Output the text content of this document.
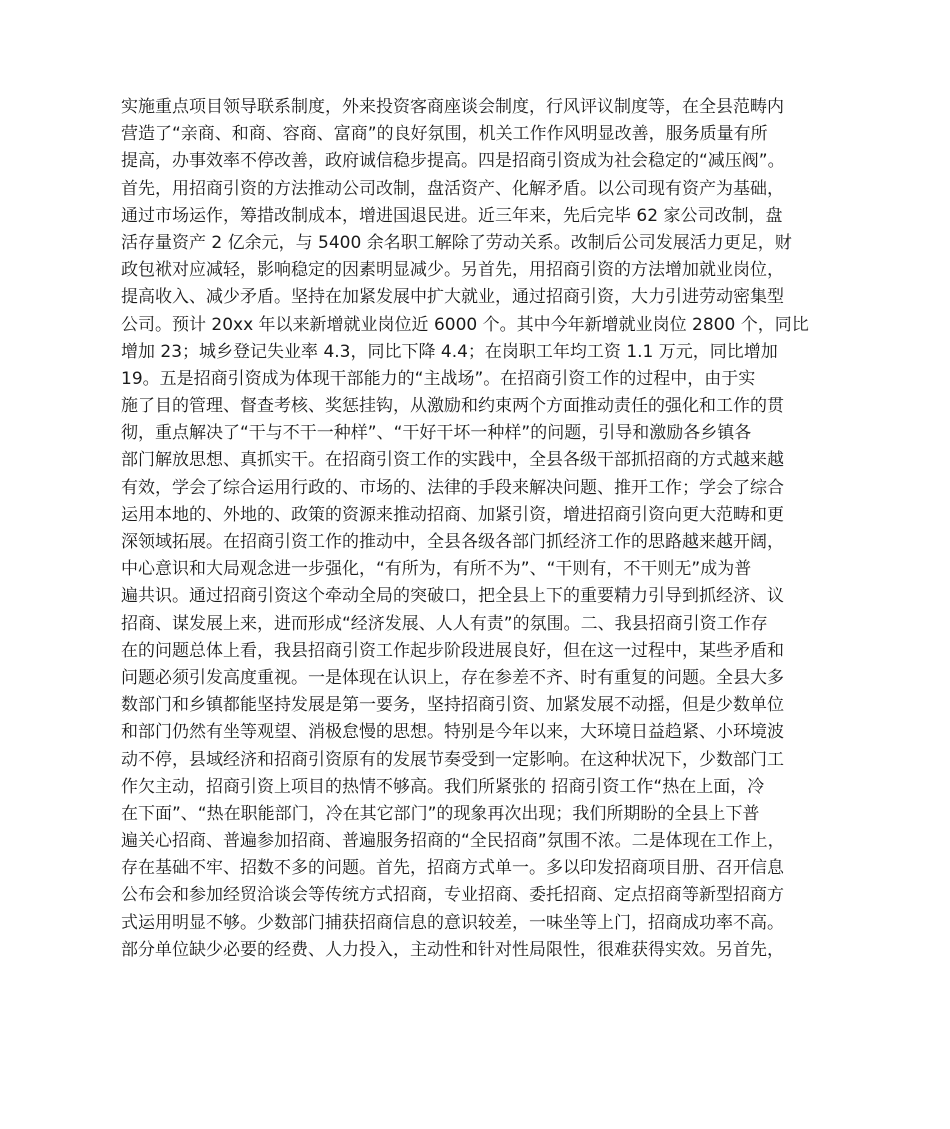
实施重点项目领导联系制度，外来投资客商座谈会制度，行风评议制度等，在全县范畴内
营造了“亲商、和商、容商、富商”的良好氛围，机关工作作风明显改善，服务质量有所
提高，办事效率不停改善，政府诚信稳步提高。四是招商引资成为社会稳定的“减压阀”。
首先，用招商引资的方法推动公司改制，盘活资产、化解矛盾。以公司现有资产为基础，
通过市场运作，筹措改制成本，增进国退民进。近三年来，先后完毕 62 家公司改制，盘
活存量资产 2 亿余元，与 5400 余名职工解除了劳动关系。改制后公司发展活力更足，财
政包袱对应减轻，影响稳定的因素明显减少。另首先，用招商引资的方法增加就业岗位，
提高收入、减少矛盾。坚持在加紧发展中扩大就业，通过招商引资，大力引进劳动密集型
公司。预计 20xx 年以来新增就业岗位近 6000 个。其中今年新增就业岗位 2800 个，同比
增加 23；城乡登记失业率 4.3，同比下降 4.4；在岗职工年均工资 1.1 万元，同比增加
19。五是招商引资成为体现干部能力的“主战场”。在招商引资工作的过程中，由于实
施了目的管理、督查考核、奖惩挂钩，从激励和约束两个方面推动责任的强化和工作的贯
彻，重点解决了“干与不干一种样”、“干好干坏一种样”的问题，引导和激励各乡镇各
部门解放思想、真抓实干。在招商引资工作的实践中，全县各级干部抓招商的方式越来越
有效，学会了综合运用行政的、市场的、法律的手段来解决问题、推开工作；学会了综合
运用本地的、外地的、政策的资源来推动招商、加紧引资，增进招商引资向更大范畴和更
深领域拓展。在招商引资工作的推动中，全县各级各部门抓经济工作的思路越来越开阔，
中心意识和大局观念进一步强化，“有所为，有所不为”、“干则有，不干则无”成为普
遍共识。通过招商引资这个牵动全局的突破口，把全县上下的重要精力引导到抓经济、议
招商、谋发展上来，进而形成“经济发展、人人有责”的氛围。二、我县招商引资工作存
在的问题总体上看，我县招商引资工作起步阶段进展良好，但在这一过程中，某些矛盾和
问题必须引发高度重视。一是体现在认识上，存在参差不齐、时有重复的问题。全县大多
数部门和乡镇都能坚持发展是第一要务，坚持招商引资、加紧发展不动摇，但是少数单位
和部门仍然有坐等观望、消极怠慢的思想。特别是今年以来，大环境日益趋紧、小环境波
动不停，县域经济和招商引资原有的发展节奏受到一定影响。在这种状况下，少数部门工
作欠主动，招商引资上项目的热情不够高。我们所紧张的 招商引资工作“热在上面，冷
在下面”、“热在职能部门，冷在其它部门”的现象再次出现；我们所期盼的全县上下普
遍关心招商、普遍参加招商、普遍服务招商的“全民招商”氛围不浓。二是体现在工作上，
存在基础不牢、招数不多的问题。首先，招商方式单一。多以印发招商项目册、召开信息
公布会和参加经贸洽谈会等传统方式招商，专业招商、委托招商、定点招商等新型招商方
式运用明显不够。少数部门捕获招商信息的意识较差，一味坐等上门，招商成功率不高。
部分单位缺少必要的经费、人力投入，主动性和针对性局限性，很难获得实效。另首先，
